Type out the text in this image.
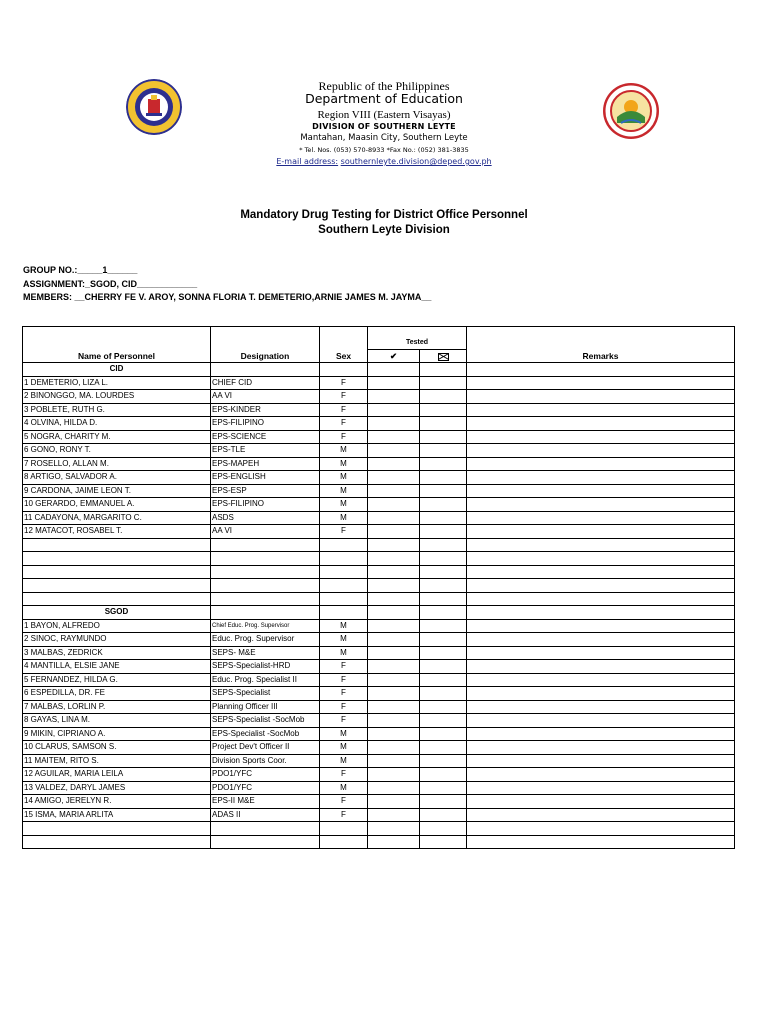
Republic of the Philippines
Department of Education
Region VIII (Eastern Visayas)
DIVISION OF SOUTHERN LEYTE
Mantahan, Maasin City, Southern Leyte
* Tel. Nos. (053) 570-8933 *Fax No.: (052) 381-3835
E-mail address: southernleyte.division@deped.gov.ph
Mandatory Drug Testing for District Office Personnel
Southern Leyte Division
GROUP NO.:_____1______
ASSIGNMENT:_SGOD, CID____________
MEMBERS: __CHERRY FE V. AROY, SONNA FLORIA T. DEMETERIO,ARNIE JAMES M. JAYMA__
			Tested		
Name of Personnel	Designation	Sex	✔		Remarks
CID					
1 DEMETERIO, LIZA L.	CHIEF CID	F			
2 BINONGGO, MA. LOURDES	AA VI	F			
3 POBLETE, RUTH G.	EPS-KINDER	F			
4 OLVINA, HILDA D.	EPS-FILIPINO	F			
5 NOGRA, CHARITY M.	EPS-SCIENCE	F			
6 GONO, RONY T.	EPS-TLE	M			
7 ROSELLO, ALLAN M.	EPS-MAPEH	M			
8 ARTIGO, SALVADOR A.	EPS-ENGLISH	M			
9 CARDONA, JAIME LEON T.	EPS-ESP	M			
10 GERARDO, EMMANUEL A.	EPS-FILIPINO	M			
11 CADAYONA, MARGARITO C.	ASDS	M			
12 MATACOT, ROSABEL T.	AA VI	F			

SGOD					
1 BAYON, ALFREDO	Chief Educ. Prog. Supervisor	M			
2 SINOC, RAYMUNDO	Educ. Prog. Supervisor	M			
3 MALBAS, ZEDRICK	SEPS- M&E	M			
4 MANTILLA, ELSIE JANE	SEPS-Specialist-HRD	F			
5 FERNANDEZ, HILDA G.	Educ. Prog. Specialist II	F			
6 ESPEDILLA, DR. FE	SEPS-Specialist	F			
7 MALBAS, LORLIN P.	Planning Officer III	F			
8 GAYAS, LINA M.	SEPS-Specialist -SocMob	F			
9 MIKIN, CIPRIANO A.	EPS-Specialist -SocMob	M			
10 CLARUS, SAMSON S.	Project Dev't Officer II	M			
11 MAITEM, RITO S.	Division Sports Coor.	M			
12 AGUILAR, MARIA LEILA	PDO1/YFC	F			
13 VALDEZ, DARYL JAMES	PDO1/YFC	M			
14 AMIGO, JERELYN R.	EPS-II M&E	F			
15 ISMA, MARIA ARLITA	ADAS II	F			
